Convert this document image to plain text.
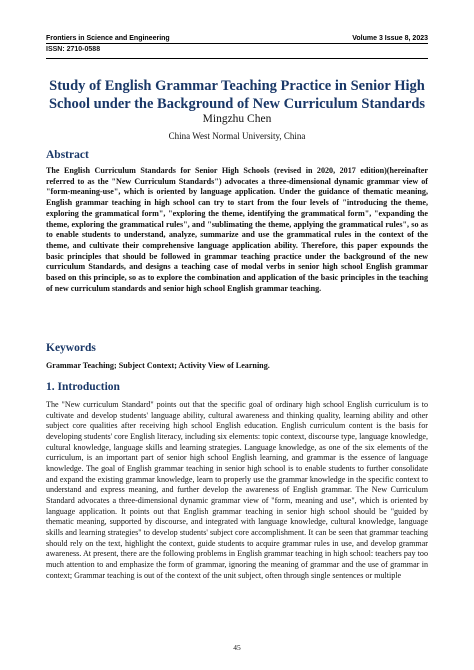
Frontiers in Science and Engineering	Volume 3 Issue 8, 2023
ISSN: 2710-0588
Study of English Grammar Teaching Practice in Senior High School under the Background of New Curriculum Standards
Mingzhu Chen
China West Normal University, China
Abstract
The English Curriculum Standards for Senior High Schools (revised in 2020, 2017 edition)(hereinafter referred to as the "New Curriculum Standards") advocates a three-dimensional dynamic grammar view of "form-meaning-use", which is oriented by language application. Under the guidance of thematic meaning, English grammar teaching in high school can try to start from the four levels of "introducing the theme, exploring the grammatical form", "exploring the theme, identifying the grammatical form", "expanding the theme, exploring the grammatical rules", and "sublimating the theme, applying the grammatical rules", so as to enable students to understand, analyze, summarize and use the grammatical rules in the context of the theme, and cultivate their comprehensive language application ability. Therefore, this paper expounds the basic principles that should be followed in grammar teaching practice under the background of the new curriculum Standards, and designs a teaching case of modal verbs in senior high school English grammar based on this principle, so as to explore the combination and application of the basic principles in the teaching of new curriculum standards and senior high school English grammar teaching.
Keywords
Grammar Teaching; Subject Context; Activity View of Learning.
1. Introduction
The "New curriculum Standard" points out that the specific goal of ordinary high school English curriculum is to cultivate and develop students' language ability, cultural awareness and thinking quality, learning ability and other subject core qualities after receiving high school English education. English curriculum content is the basis for developing students' core English literacy, including six elements: topic context, discourse type, language knowledge, cultural knowledge, language skills and learning strategies. Language knowledge, as one of the six elements of the curriculum, is an important part of senior high school English learning, and grammar is the essence of language knowledge. The goal of English grammar teaching in senior high school is to enable students to further consolidate and expand the existing grammar knowledge, learn to properly use the grammar knowledge in the specific context to understand and express meaning, and further develop the awareness of English grammar. The New Curriculum Standard advocates a three-dimensional dynamic grammar view of "form, meaning and use", which is oriented by language application. It points out that English grammar teaching in senior high school should be "guided by thematic meaning, supported by discourse, and integrated with language knowledge, cultural knowledge, language skills and learning strategies" to develop students' subject core accomplishment. It can be seen that grammar teaching should rely on the text, highlight the context, guide students to acquire grammar rules in use, and develop grammar awareness. At present, there are the following problems in English grammar teaching in high school: teachers pay too much attention to and emphasize the form of grammar, ignoring the meaning of grammar and the use of grammar in context; Grammar teaching is out of the context of the unit subject, often through single sentences or multiple
45
